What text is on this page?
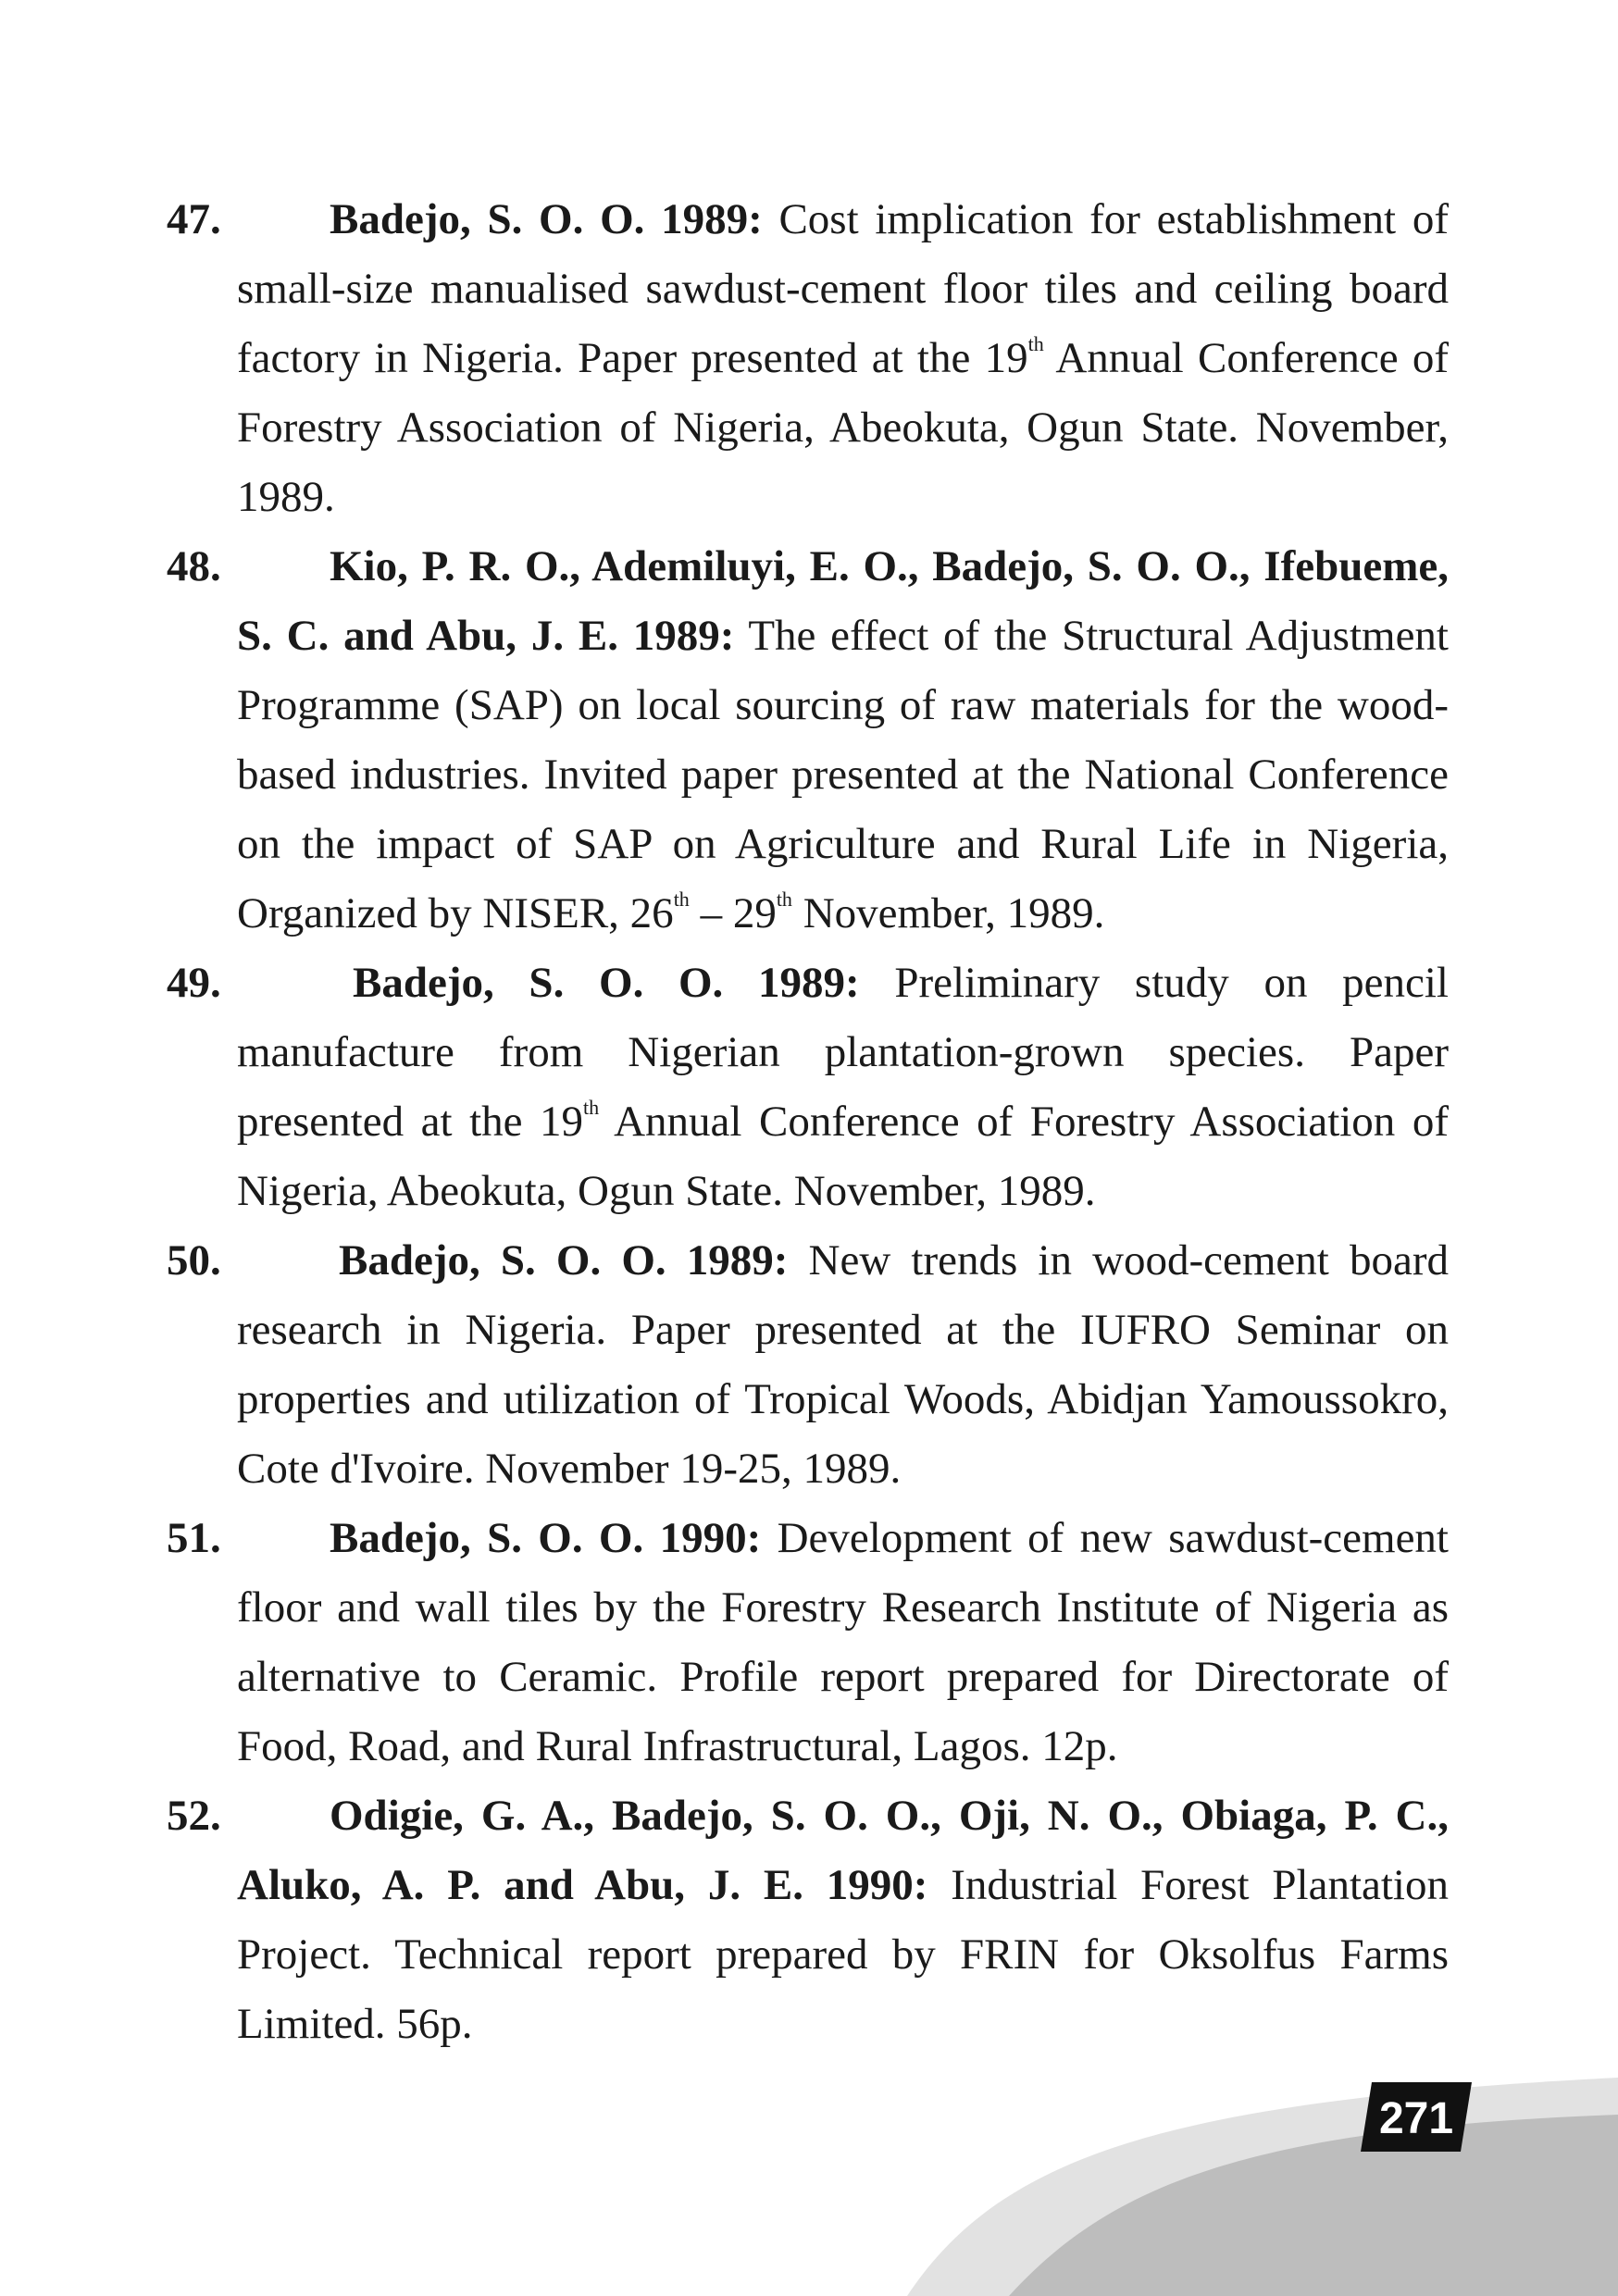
47.	Badejo, S. O. O. 1989: Cost implication for establishment of small-size manualised sawdust-cement floor tiles and ceiling board factory in Nigeria. Paper presented at the 19th Annual Conference of Forestry Association of Nigeria, Abeokuta, Ogun State. November, 1989.
48.	Kio, P. R. O., Ademiluyi, E. O., Badejo, S. O. O., Ifebueme, S. C. and Abu, J. E. 1989: The effect of the Structural Adjustment Programme (SAP) on local sourcing of raw materials for the wood-based industries. Invited paper presented at the National Conference on the impact of SAP on Agriculture and Rural Life in Nigeria, Organized by NISER, 26th – 29th November, 1989.
49.	Badejo, S. O. O. 1989: Preliminary study on pencil manufacture from Nigerian plantation-grown species. Paper presented at the 19th Annual Conference of Forestry Association of Nigeria, Abeokuta, Ogun State. November, 1989.
50.	Badejo, S. O. O. 1989: New trends in wood-cement board research in Nigeria. Paper presented at the IUFRO Seminar on properties and utilization of Tropical Woods, Abidjan Yamoussokro, Cote d'Ivoire. November 19-25, 1989.
51.	Badejo, S. O. O. 1990: Development of new sawdust-cement floor and wall tiles by the Forestry Research Institute of Nigeria as alternative to Ceramic. Profile report prepared for Directorate of Food, Road, and Rural Infrastructural, Lagos. 12p.
52.	Odigie, G. A., Badejo, S. O. O., Oji, N. O., Obiaga, P. C., Aluko, A. P. and Abu, J. E. 1990: Industrial Forest Plantation Project. Technical report prepared by FRIN for Oksolfus Farms Limited. 56p.
271
